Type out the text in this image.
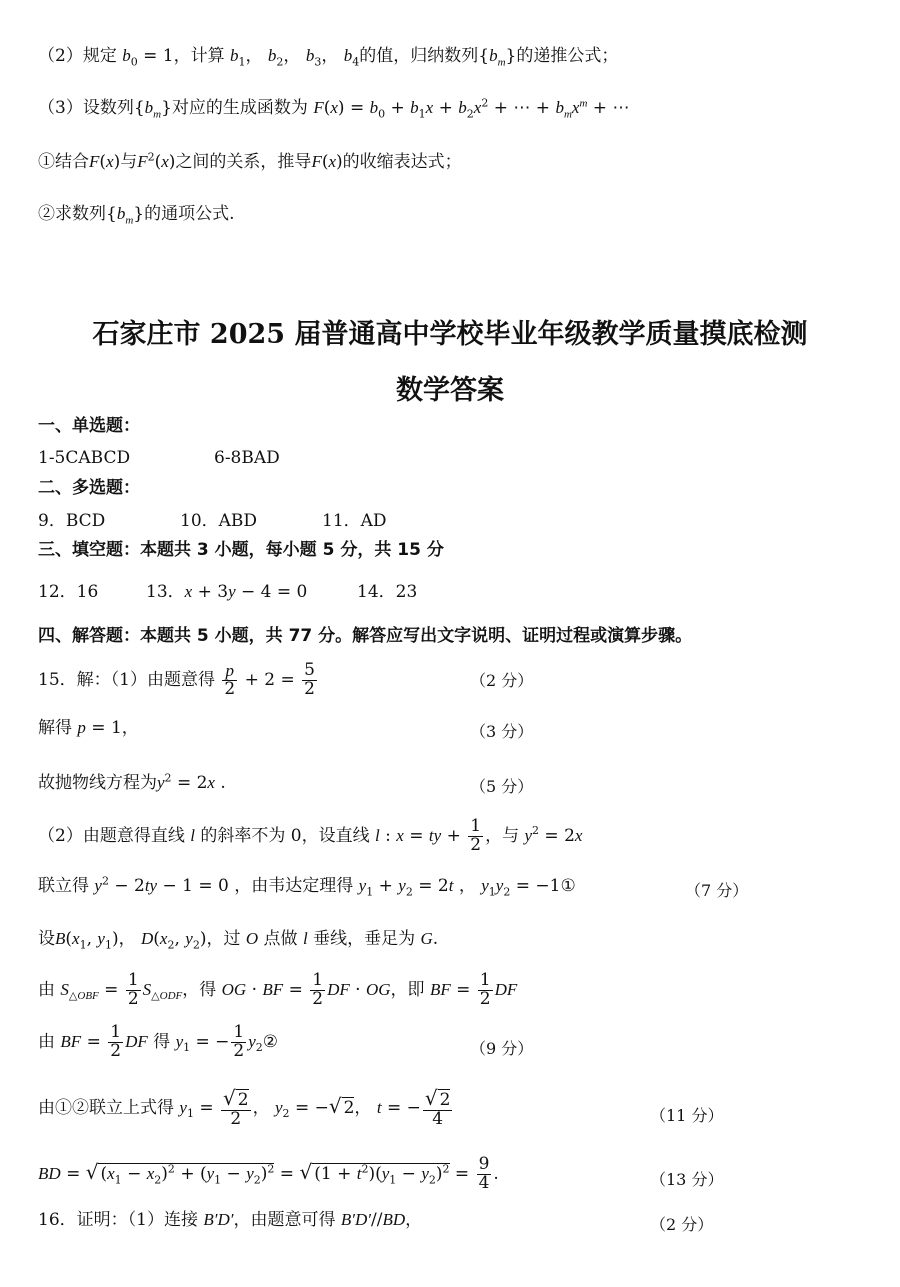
（2）规定 $b_0 = 1$，计算 $b_1$， $b_2$， $b_3$， $b_4$的值，归纳数列$\{b_m\}$的递推公式；
（3）设数列$\{b_m\}$对应的生成函数为 $F(x) = b_0 + b_1x + b_2x^2$ + ⋯ + $b_mx^m$ + ⋯
①结合F(x)与$F^2(x)$之间的关系，推导F(x)的收缩表达式；
②求数列$\{b_m\}$的通项公式.
石家庄市 2025 届普通高中学校毕业年级教学质量摸底检测
数学答案
一、单选题：
1-5CABCD	6-8BAD
二、多选题：
9．BCD	10．ABD	11．AD
三、填空题：本题共 3 小题，每小题 5 分，共 15 分
12．16	13．x + 3y − 4 = 0	14．23
四、解答题：本题共 5 小题，共 77 分。解答应写出文字说明、证明过程或演算步骤。
15．解：（1）由题意得 $\frac{p}{2} + 2 = \frac{5}{2}$	（2 分）
解得 p = 1，	（3 分）
故抛物线方程为$y^2 = 2x$ .	（5 分）
（2）由题意得直线 l 的斜率不为 0，设直线 l : x = ty + $\frac{1}{2}$ ，与 $y^2 = 2x$
联立得 $y^2 - 2ty - 1 = 0$ ，由韦达定理得 $y_1 + y_2 = 2t$ ， $y_1y_2$ = −1①	（7 分）
设$B(x_1$, $y_1$)， $D(x_2$, $y_2$)，过 O 点做 l 垂线，垂足为 G.
由 $S_{\triangle OBF} = \frac{1}{2} S_{\triangle ODF}$，得 OG · BF = $\frac{1}{2}$ DF · OG，即 BF = $\frac{1}{2}$ DF
由 BF = $\frac{1}{2}$ DF 得 $y_1$ = − $\frac{1}{2}$ $y_2②$	（9 分）
由①②联立上式得 $y_1 = \frac{√ 2}{2}$ ， $y_2$ = −√ 2， t = − $\frac{√ 2}{4}$	（11 分）
BD = √ $(x_1 - x_2)^2 + (y_1 - y_2)^2$ = √ $(1 + t^2)(y_1 - y_2)^2 = \frac{9}{4}$ .	（13 分）
16．证明：（1）连接 B′D′，由题意可得 B′D′//BD，	（2 分）
